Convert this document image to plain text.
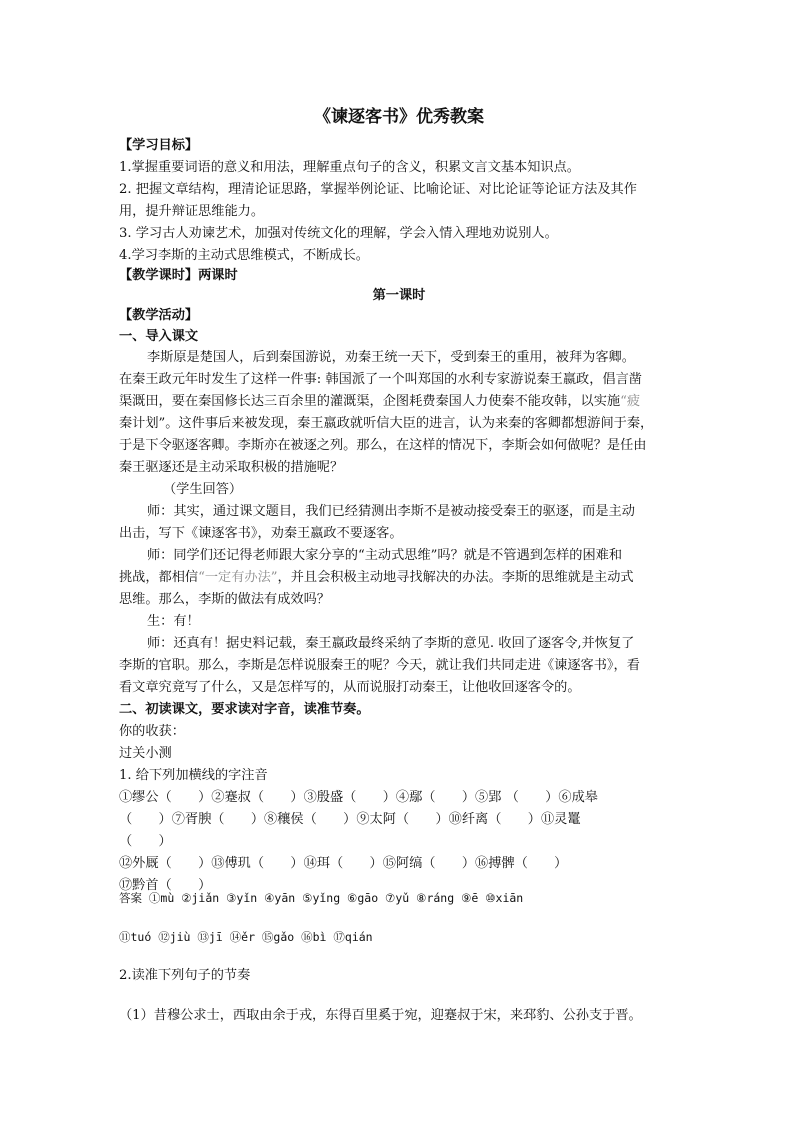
《谏逐客书》优秀教案
【学习目标】
1.掌握重要词语的意义和用法，理解重点句子的含义，积累文言文基本知识点。
2. 把握文章结构，理清论证思路，掌握举例论证、比喻论证、对比论证等论证方法及其作
用，提升辩证思维能力。
3. 学习古人劝谏艺术，加强对传统文化的理解，学会入情入理地劝说别人。
4.学习李斯的主动式思维模式，不断成长。
【教学课时】两课时
第一课时
【教学活动】
一、导入课文
李斯原是楚国人，后到秦国游说，劝秦王统一天下，受到秦王的重用，被拜为客卿。
在秦王政元年时发生了这样一件事: 韩国派了一个叫郑国的水利专家游说秦王嬴政，倡言凿
渠溉田，要在秦国修长达三百余里的灌溉渠，企图耗费秦国人力使秦不能攻韩，以实施“疲
秦计划”。这件事后来被发现，秦王嬴政就听信大臣的进言，认为来秦的客卿都想游间于秦，
于是下令驱逐客卿。李斯亦在被逐之列。那么，在这样的情况下，李斯会如何做呢？是任由
秦王驱逐还是主动采取积极的措施呢？
（学生回答）
师：其实，通过课文题目，我们已经猜测出李斯不是被动接受秦王的驱逐，而是主动
出击，写下《谏逐客书》，劝秦王嬴政不要逐客。
师：同学们还记得老师跟大家分享的“主动式思维”吗？就是不管遇到怎样的困难和
挑战，都相信“一定有办法”，并且会积极主动地寻找解决的办法。李斯的思维就是主动式
思维。那么，李斯的做法有成效吗？
生：有！
师：还真有！据史料记载，秦王嬴政最终采纳了李斯的意见. 收回了逐客令,并恢复了
李斯的官职。那么，李斯是怎样说服秦王的呢？今天，就让我们共同走进《谏逐客书》，看
看文章究竟写了什么，又是怎样写的，从而说服打动秦王，让他收回逐客令的。
二、初读课文，要求读对字音，读准节奏。
你的收获：
过关小测
1. 给下列加横线的字注音
①缪公（　　）②蹇叔（　　）③殷盛（　　）④鄢（　　）⑤郢 （　　）⑥成皋
（　　）⑦胥腴（　　）⑧穰侯（　　）⑨太阿（　　）⑩纤离（　　）⑪灵鼍
（　　）
⑫外厩（　　）⑬傅玑（　　）⑭珥（　　）⑮阿缟（　　）⑯搏髀（　　）
⑰黔首（　　）
答案 ①mù ②jiǎn ③yǐn ④yān ⑤yǐng ⑥gāo ⑦yǔ ⑧ráng ⑨ē ⑩xiān
⑪tuó ⑫jiù ⑬jī ⑭ěr ⑮gǎo ⑯bì ⑰qián
2.读准下列句子的节奏
（1）昔穆公求士，西取由余于戎，东得百里奚于宛，迎蹇叔于宋，来邳豹、公孙支于晋。
